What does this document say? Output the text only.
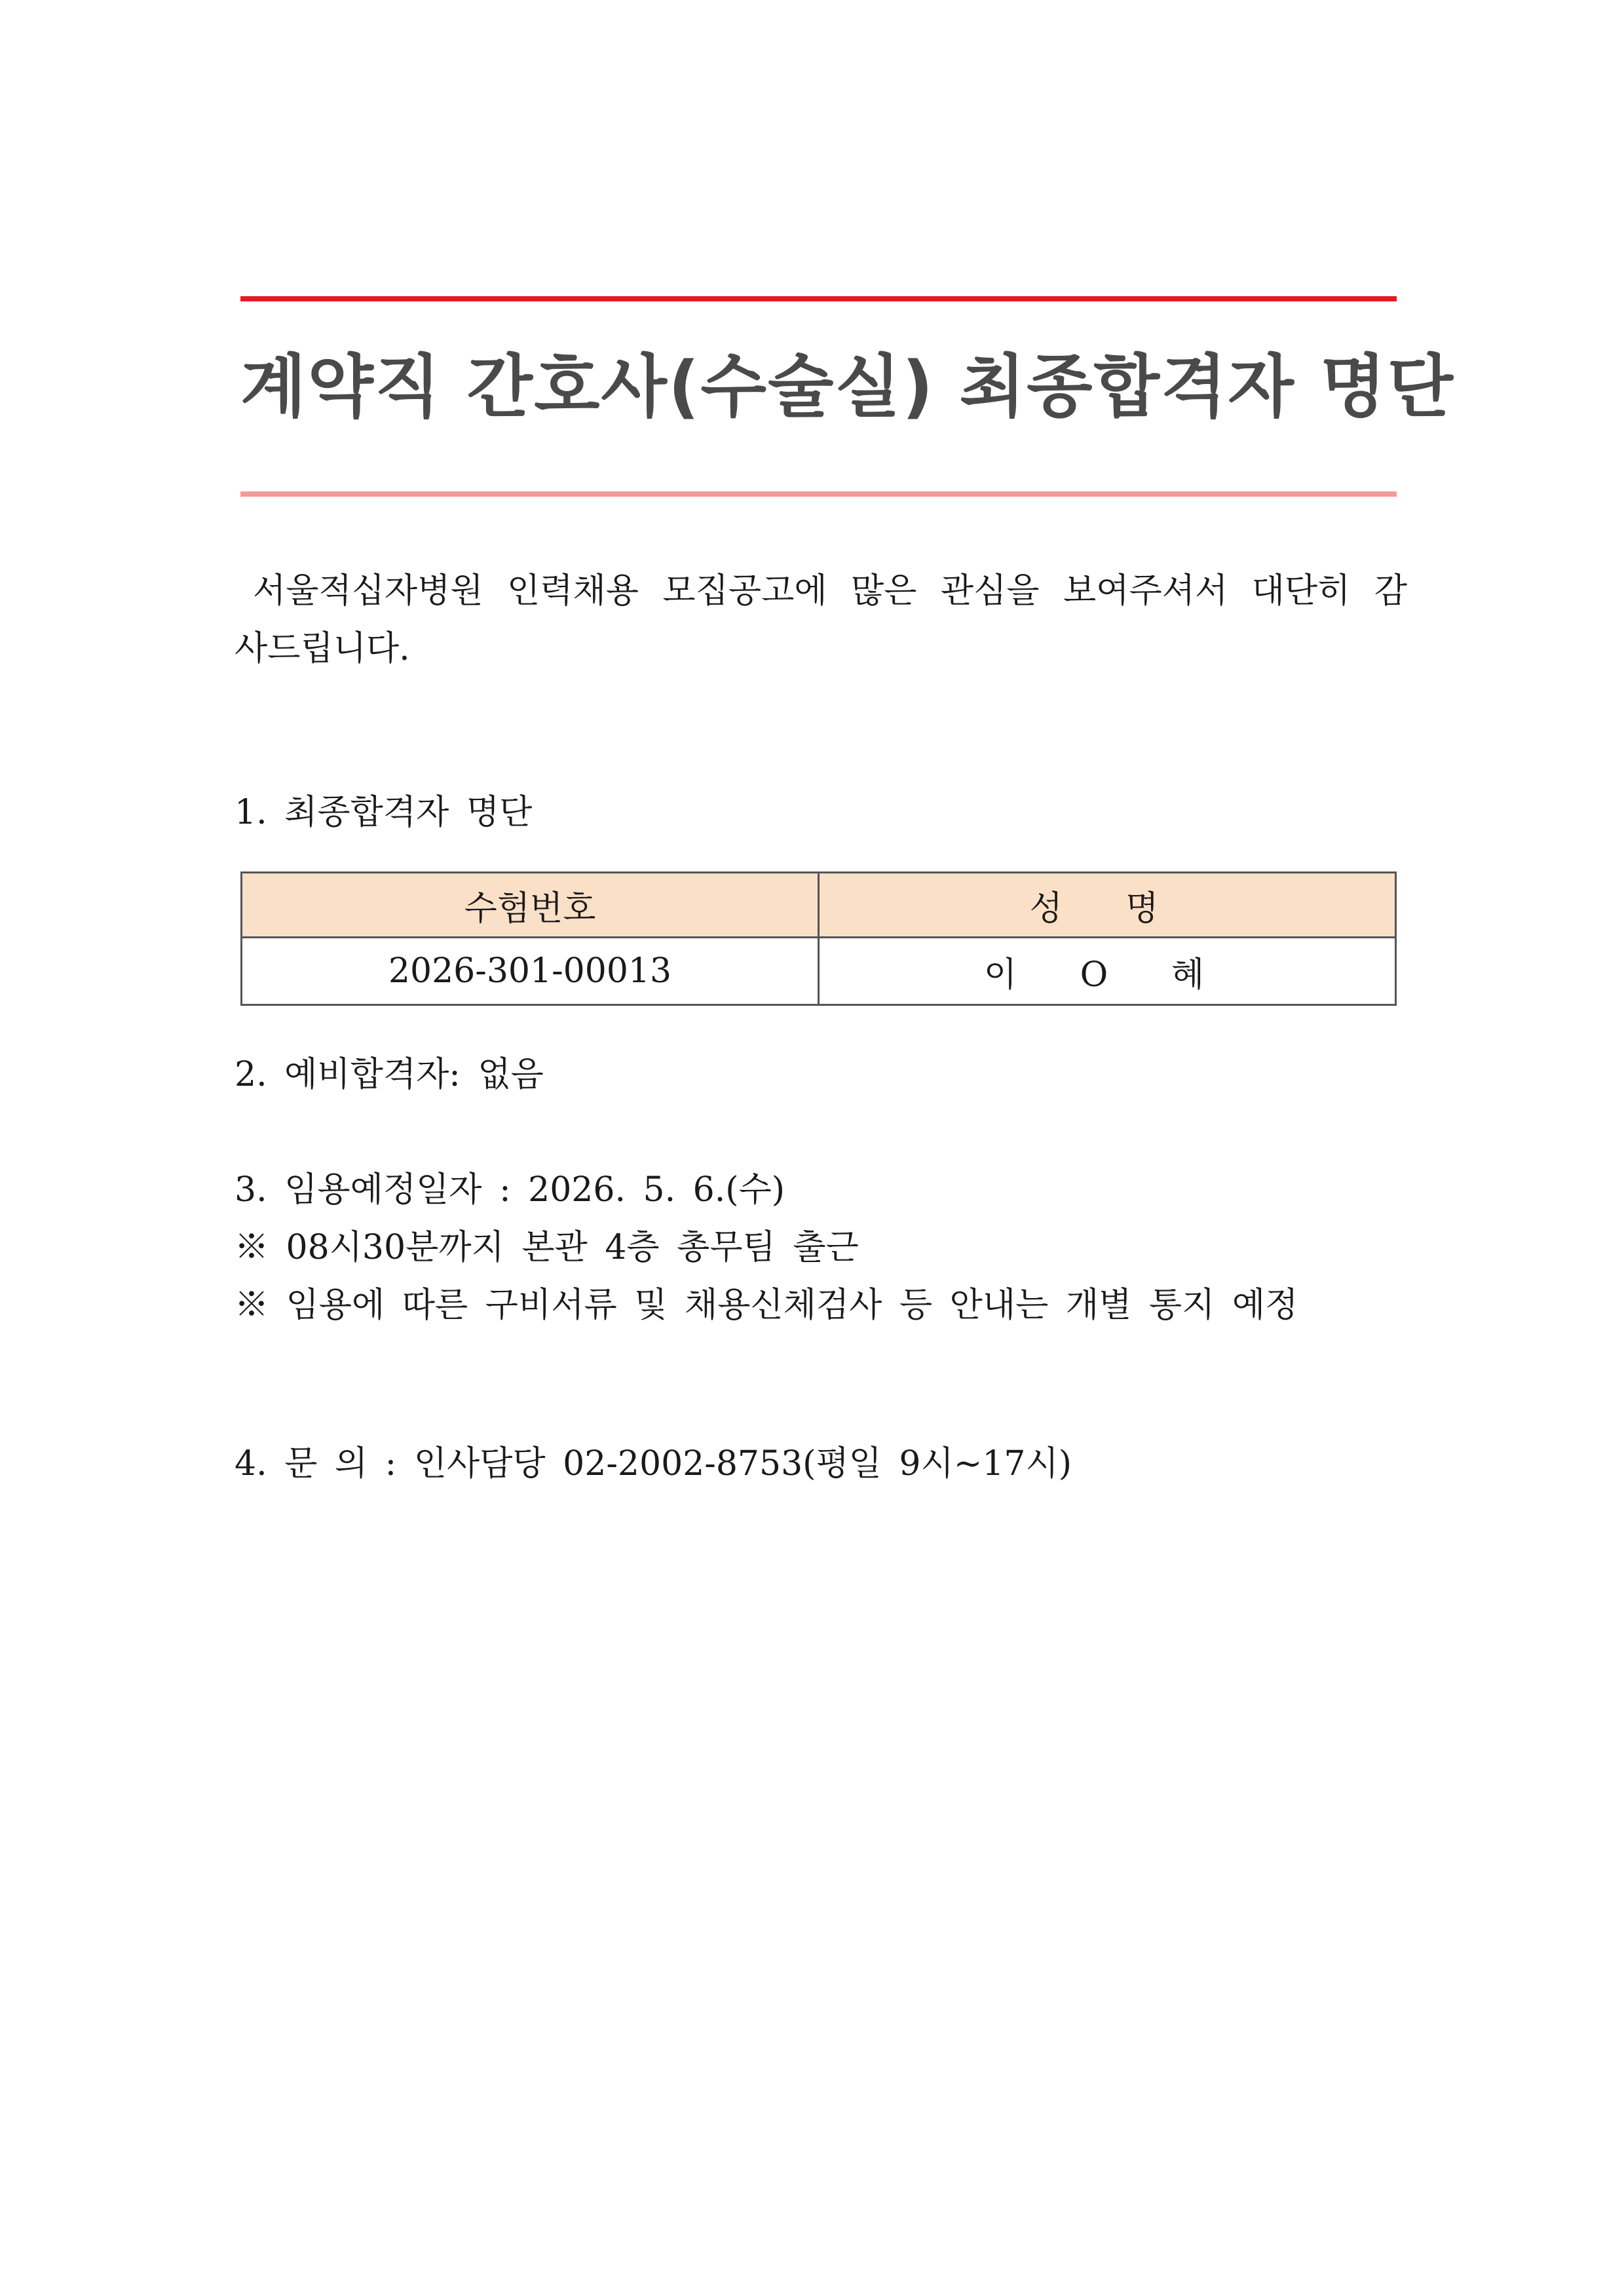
계약직 간호사(수술실) 최종합격자 명단
서울적십자병원 인력채용 모집공고에 많은 관심을 보여주셔서 대단히 감사드립니다.
1. 최종합격자 명단
수험번호	성 명
2026-301-00013	이 O 혜
2. 예비합격자: 없음
3. 임용예정일자 : 2026. 5. 6.(수)
※ 08시30분까지 본관 4층 총무팀 출근
※ 임용에 따른 구비서류 및 채용신체검사 등 안내는 개별 통지 예정
4. 문 의 : 인사담당 02-2002-8753(평일 9시~17시)
